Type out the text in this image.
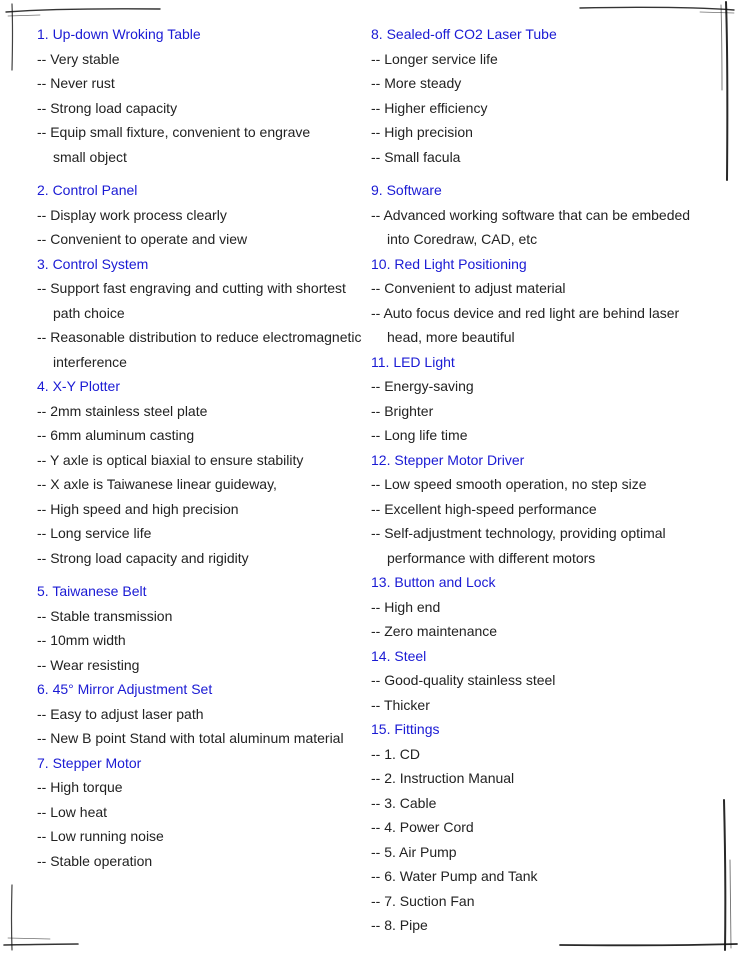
1. Up-down Wroking Table
-- Very stable
-- Never rust
-- Strong load capacity
-- Equip small fixture, convenient to engrave
small object
2. Control Panel
-- Display work process clearly
-- Convenient to operate and view
3. Control System
-- Support fast engraving and cutting with shortest
path choice
-- Reasonable distribution to reduce electromagnetic
interference
4. X-Y Plotter
-- 2mm stainless steel plate
-- 6mm aluminum casting
-- Y axle is optical biaxial to ensure stability
-- X axle is Taiwanese linear guideway,
-- High speed and high precision
-- Long service life
-- Strong load capacity and rigidity
5. Taiwanese Belt
-- Stable transmission
-- 10mm width
-- Wear resisting
6. 45° Mirror Adjustment Set
-- Easy to adjust laser path
-- New B point Stand with total aluminum material
7. Stepper Motor
-- High torque
-- Low heat
-- Low running noise
-- Stable operation
8. Sealed-off CO2 Laser Tube
-- Longer service life
-- More steady
-- Higher efficiency
-- High precision
-- Small facula
9. Software
-- Advanced working software that can be embeded
into Coredraw, CAD, etc
10. Red Light Positioning
-- Convenient to adjust material
-- Auto focus device and red light are behind laser
head, more beautiful
11. LED Light
-- Energy-saving
-- Brighter
-- Long life time
12. Stepper Motor Driver
-- Low speed smooth operation, no step size
-- Excellent high-speed performance
-- Self-adjustment technology, providing optimal
performance with different motors
13. Button and Lock
-- High end
-- Zero maintenance
14. Steel
-- Good-quality stainless steel
-- Thicker
15. Fittings
-- 1. CD
-- 2. Instruction Manual
-- 3. Cable
-- 4. Power Cord
-- 5. Air Pump
-- 6. Water Pump and Tank
-- 7. Suction Fan
-- 8. Pipe
